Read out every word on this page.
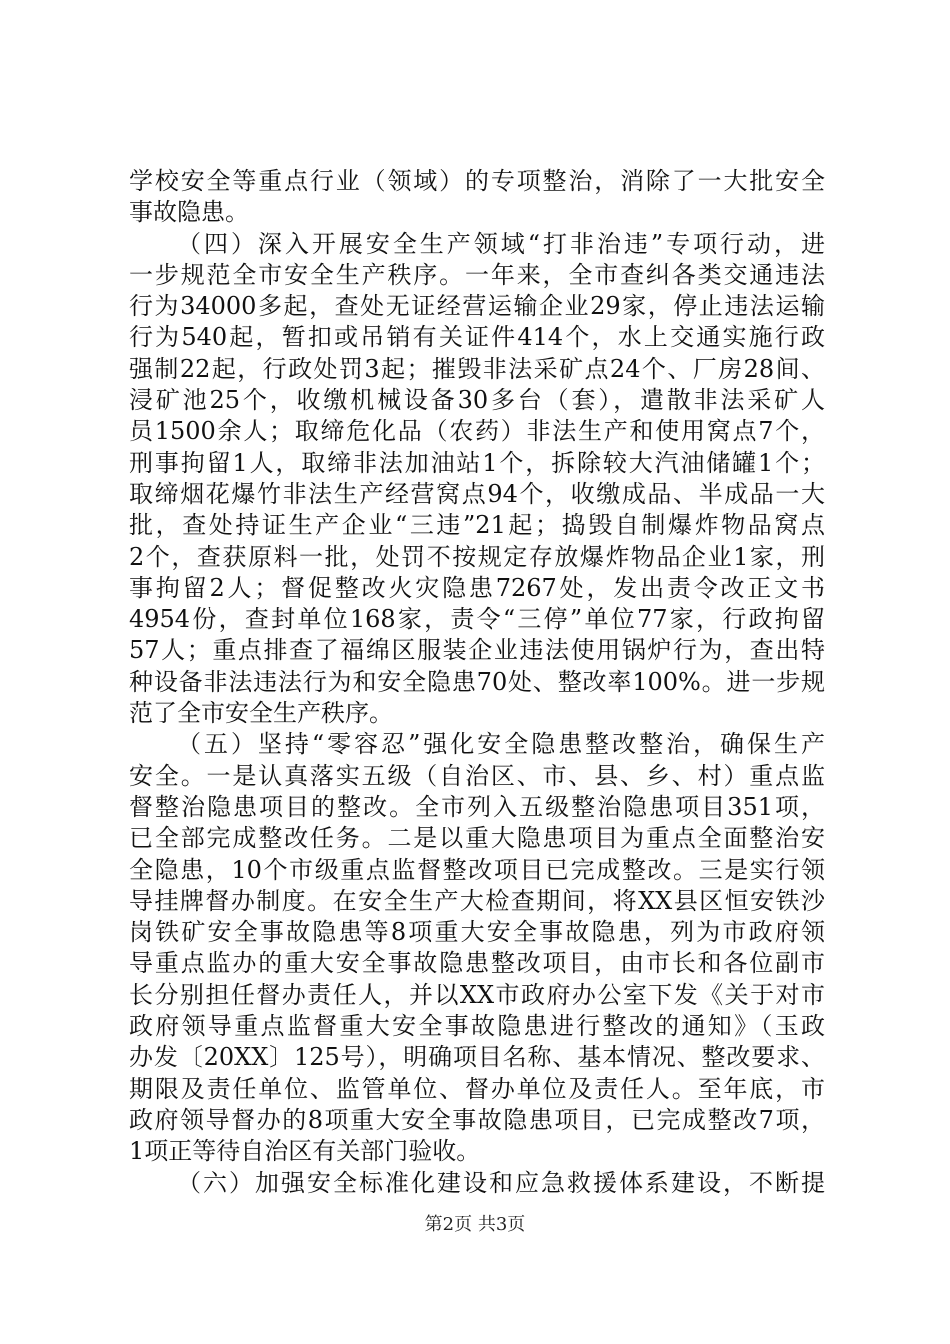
学校安全等重点行业（领域）的专项整治，消除了一大批安全
事故隐患。
（四）深入开展安全生产领域“打非治违”专项行动，进
一步规范全市安全生产秩序。一年来，全市查纠各类交通违法
行为34000多起，查处无证经营运输企业29家，停止违法运输
行为540起，暂扣或吊销有关证件414个，水上交通实施行政
强制22起，行政处罚3起；摧毁非法采矿点24个、厂房28间、
浸矿池25个，收缴机械设备30多台（套），遣散非法采矿人
员1500余人；取缔危化品（农药）非法生产和使用窝点7个，
刑事拘留1人，取缔非法加油站1个，拆除较大汽油储罐1个；
取缔烟花爆竹非法生产经营窝点94个，收缴成品、半成品一大
批，查处持证生产企业“三违”21起；捣毁自制爆炸物品窝点
2个，查获原料一批，处罚不按规定存放爆炸物品企业1家，刑
事拘留2人；督促整改火灾隐患7267处，发出责令改正文书
4954份，查封单位168家，责令“三停”单位77家，行政拘留
57人；重点排查了福绵区服装企业违法使用锅炉行为，查出特
种设备非法违法行为和安全隐患70处、整改率100%。进一步规
范了全市安全生产秩序。
（五）坚持“零容忍”强化安全隐患整改整治，确保生产
安全。一是认真落实五级（自治区、市、县、乡、村）重点监
督整治隐患项目的整改。全市列入五级整治隐患项目351项，
已全部完成整改任务。二是以重大隐患项目为重点全面整治安
全隐患，10个市级重点监督整改项目已完成整改。三是实行领
导挂牌督办制度。在安全生产大检查期间，将XX县区恒安铁沙
岗铁矿安全事故隐患等8项重大安全事故隐患，列为市政府领
导重点监办的重大安全事故隐患整改项目，由市长和各位副市
长分别担任督办责任人，并以XX市政府办公室下发《关于对市
政府领导重点监督重大安全事故隐患进行整改的通知》（玉政
办发〔20XX〕125号），明确项目名称、基本情况、整改要求、
期限及责任单位、监管单位、督办单位及责任人。至年底，市
政府领导督办的8项重大安全事故隐患项目，已完成整改7项，
1项正等待自治区有关部门验收。
（六）加强安全标准化建设和应急救援体系建设，不断提
第2页 共3页
